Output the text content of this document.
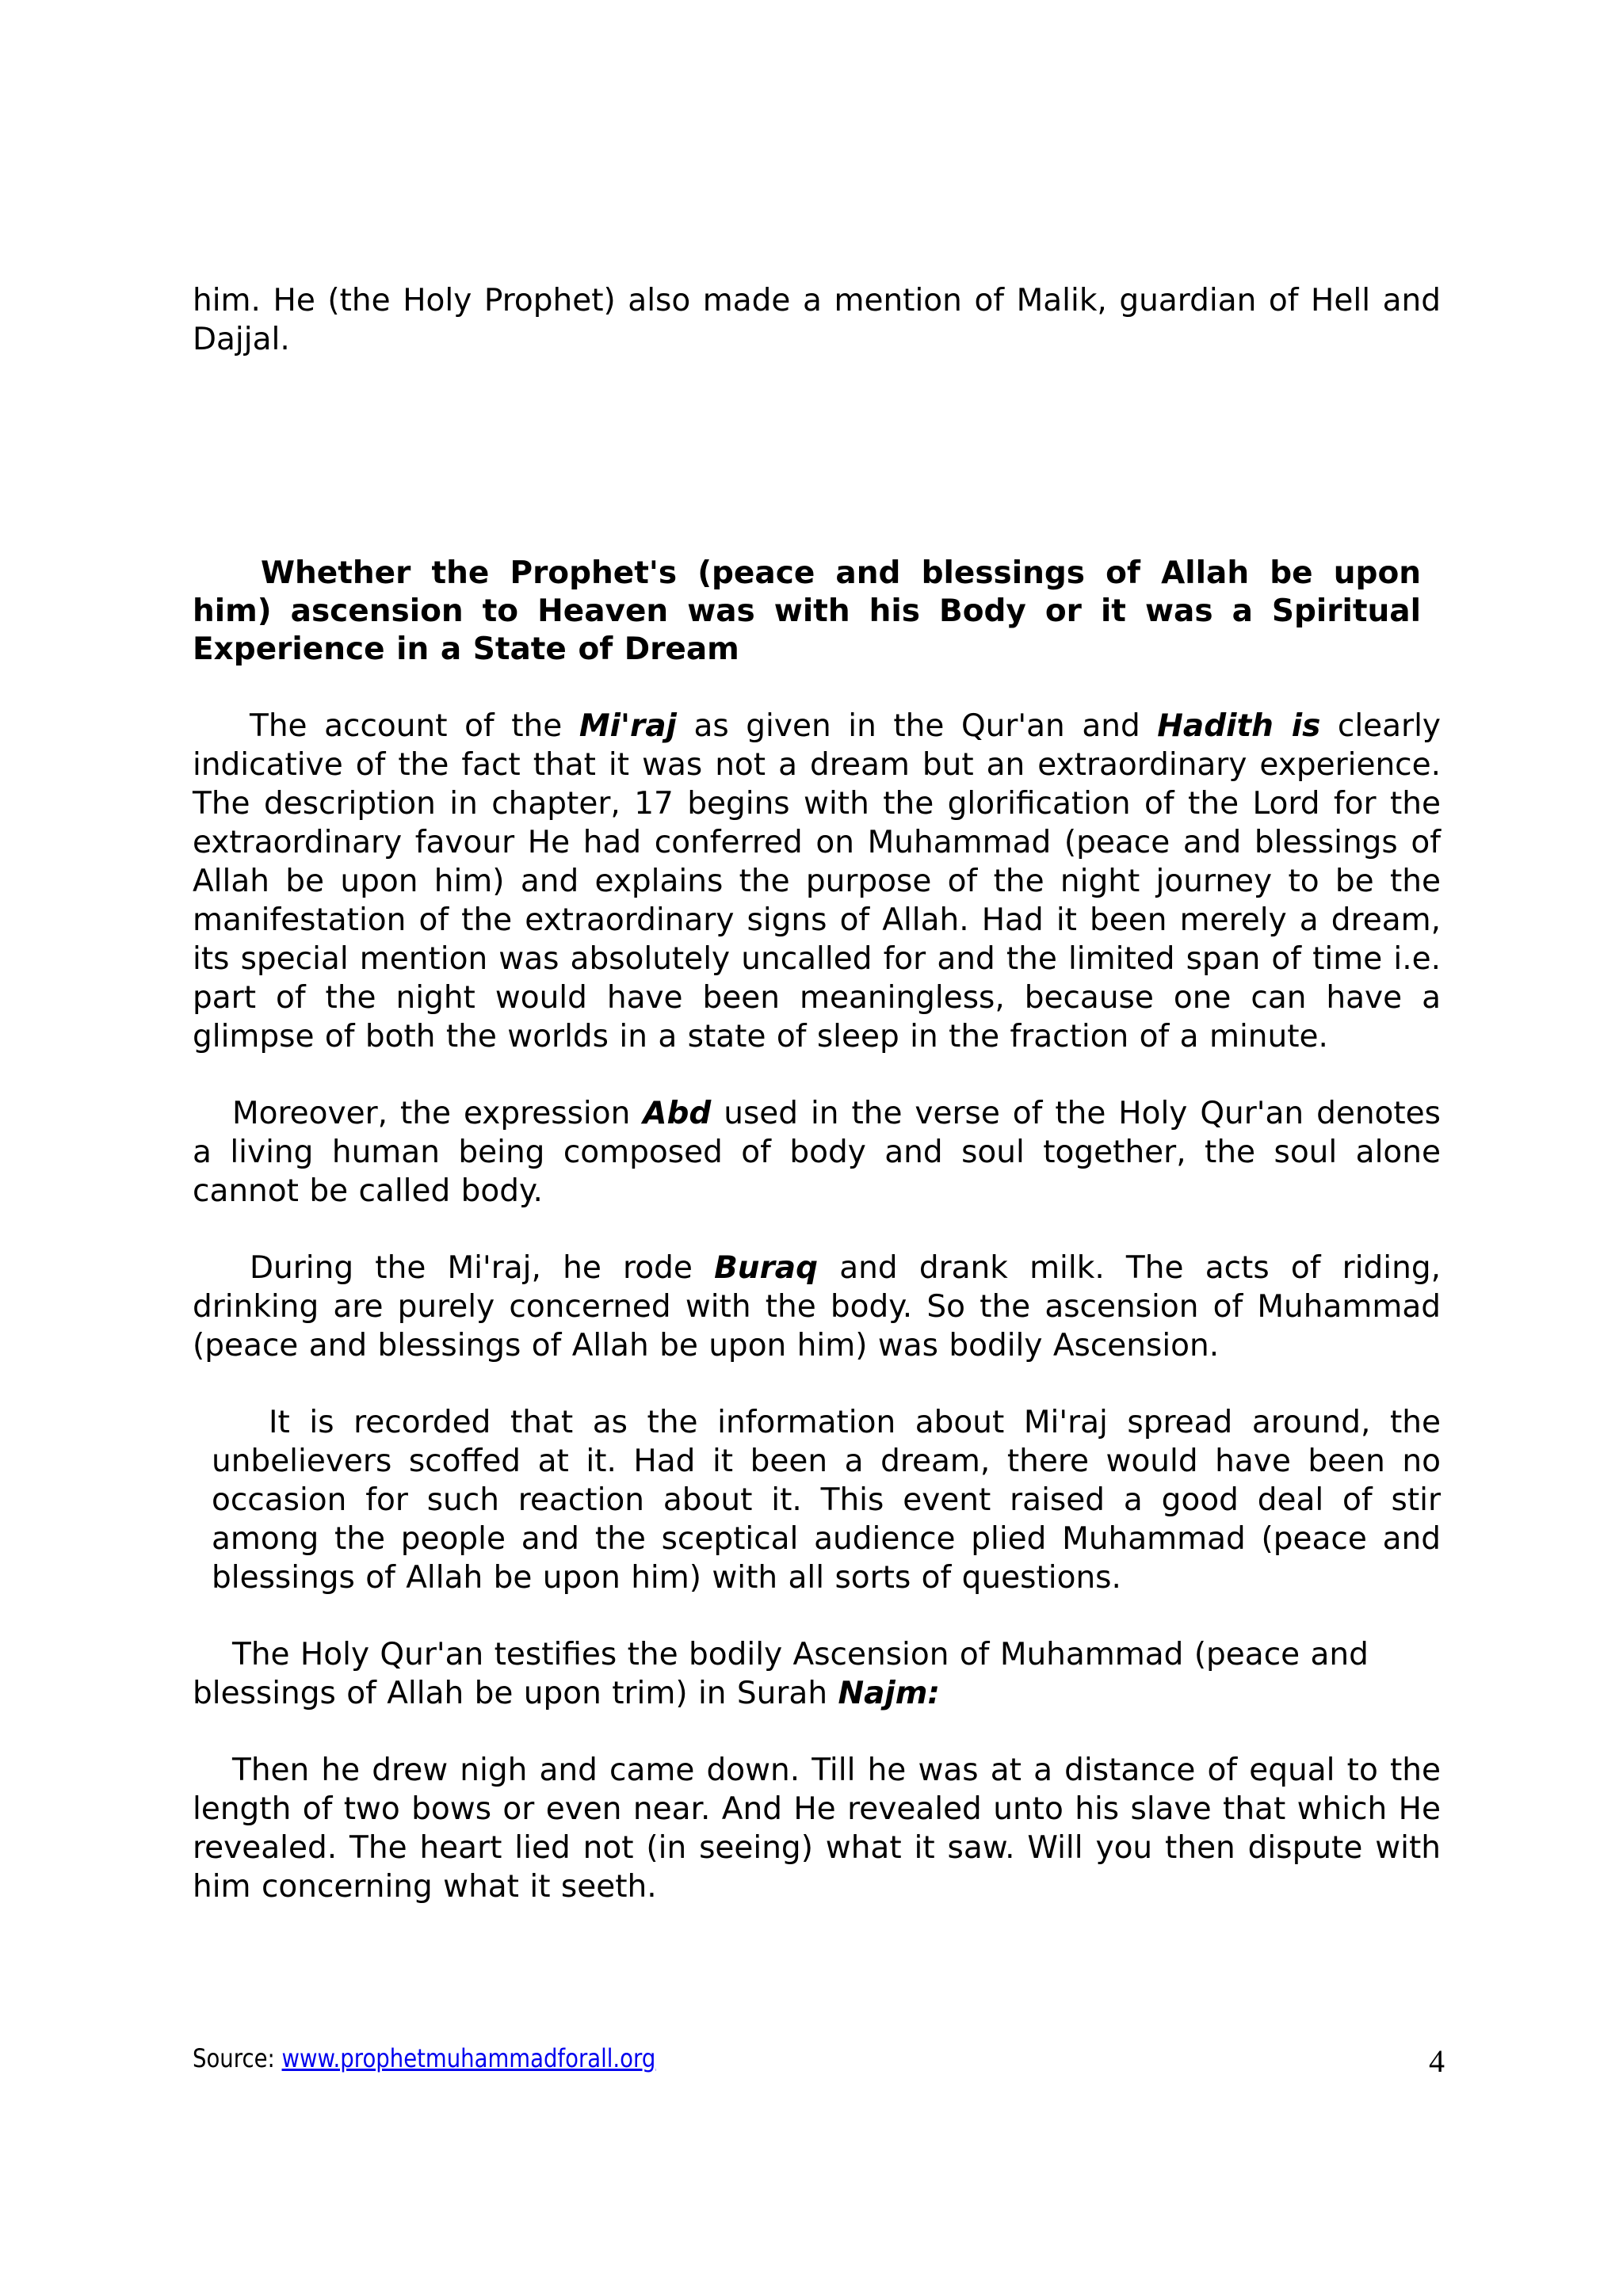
him. He (the Holy Prophet) also made a mention of Malik, guardian of Hell and Dajjal.

Whether the Prophet's (peace and blessings of Allah be upon him) ascension to Heaven was with his Body or it was a Spiritual Experience in a State of Dream

The account of the Mi'raj as given in the Qur'an and Hadith is clearly indicative of the fact that it was not a dream but an extraordinary experience. The description in chapter, 17 begins with the glorification of the Lord for the extraordinary favour He had conferred on Muhammad (peace and blessings of Allah be upon him) and explains the purpose of the night journey to be the manifestation of the extraordinary signs of Allah. Had it been merely a dream, its special mention was absolutely uncalled for and the limited span of time i.e. part of the night would have been meaningless, because one can have a glimpse of both the worlds in a state of sleep in the fraction of a minute.

Moreover, the expression Abd used in the verse of the Holy Qur'an denotes a living human being composed of body and soul together, the soul alone cannot be called body.

During the Mi'raj, he rode Buraq and drank milk. The acts of riding, drinking are purely concerned with the body. So the ascension of Muhammad (peace and blessings of Allah be upon him) was bodily Ascension.

It is recorded that as the information about Mi'raj spread around, the unbelievers scoffed at it. Had it been a dream, there would have been no occasion for such reaction about it. This event raised a good deal of stir among the people and the sceptical audience plied Muhammad (peace and blessings of Allah be upon him) with all sorts of questions.

The Holy Qur'an testifies the bodily Ascension of Muhammad (peace and blessings of Allah be upon trim) in Surah Najm:

Then he drew nigh and came down. Till he was at a distance of equal to the length of two bows or even near. And He revealed unto his slave that which He revealed. The heart lied not (in seeing) what it saw. Will you then dispute with him concerning what it seeth.

Source: www.prophetmuhammadforall.org	4
